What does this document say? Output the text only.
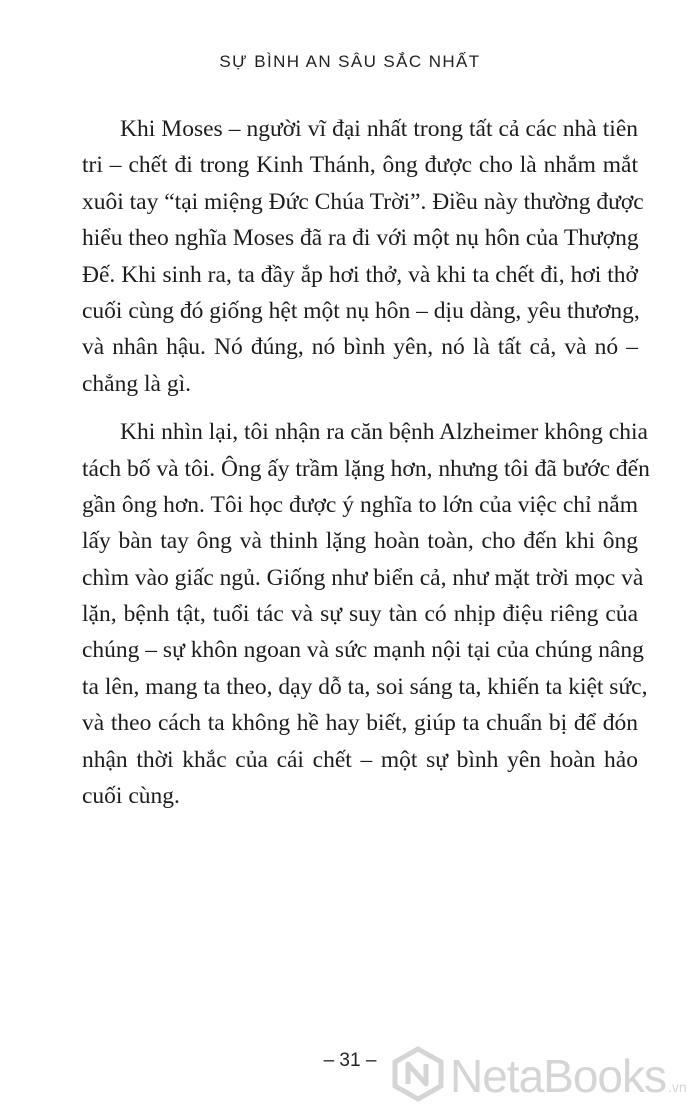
SỰ BÌNH AN SÂU SẮC NHẤT
Khi Moses – người vĩ đại nhất trong tất cả các nhà tiên
tri – chết đi trong Kinh Thánh, ông được cho là nhắm mắt
xuôi tay “tại miệng Đức Chúa Trời”. Điều này thường được
hiểu theo nghĩa Moses đã ra đi với một nụ hôn của Thượng
Đế. Khi sinh ra, ta đầy ắp hơi thở, và khi ta chết đi, hơi thở
cuối cùng đó giống hệt một nụ hôn – dịu dàng, yêu thương,
và nhân hậu. Nó đúng, nó bình yên, nó là tất cả, và nó –
chẳng là gì.
Khi nhìn lại, tôi nhận ra căn bệnh Alzheimer không chia
tách bố và tôi. Ông ấy trầm lặng hơn, nhưng tôi đã bước đến
gần ông hơn. Tôi học được ý nghĩa to lớn của việc chỉ nắm
lấy bàn tay ông và thinh lặng hoàn toàn, cho đến khi ông
chìm vào giấc ngủ. Giống như biển cả, như mặt trời mọc và
lặn, bệnh tật, tuổi tác và sự suy tàn có nhịp điệu riêng của
chúng – sự khôn ngoan và sức mạnh nội tại của chúng nâng
ta lên, mang ta theo, dạy dỗ ta, soi sáng ta, khiến ta kiệt sức,
và theo cách ta không hề hay biết, giúp ta chuẩn bị để đón
nhận thời khắc của cái chết – một sự bình yên hoàn hảo
cuối cùng.
– 31 –	NetaBooks .vn
